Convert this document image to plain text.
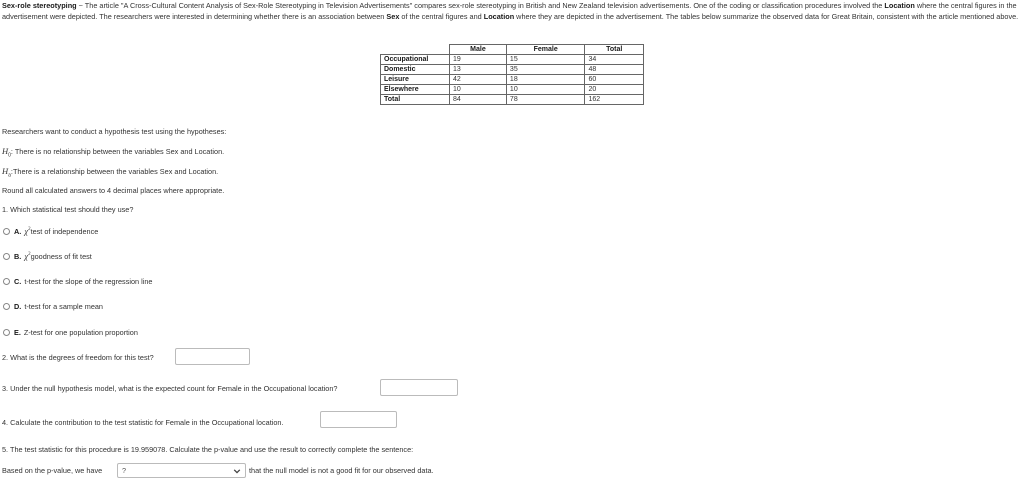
Sex-role stereotyping ~ The article "A Cross-Cultural Content Analysis of Sex-Role Stereotyping in Television Advertisements" compares sex-role stereotyping in British and New Zealand television advertisements. One of the coding or classification procedures involved the Location where the central figures in the advertisement were depicted. The researchers were interested in determining whether there is an association between Sex of the central figures and Location where they are depicted in the advertisement. The tables below summarize the observed data for Great Britain, consistent with the article mentioned above.
	Male	Female	Total
Occupational	19	15	34
Domestic	13	35	48
Leisure	42	18	60
Elsewhere	10	10	20
Total	84	78	162
Researchers want to conduct a hypothesis test using the hypotheses:
$H_0$: There is no relationship between the variables Sex and Location.
$H_a:There$ is a relationship between the variables Sex and Location.
Round all calculated answers to 4 decimal places where appropriate.
1. Which statistical test should they use?
A. $\chi^2$ test of independence
B. $\chi^2$ goodness of fit test
C. t-test for the slope of the regression line
D. t-test for a sample mean
E. Z-test for one population proportion
2. What is the degrees of freedom for this test?
3. Under the null hypothesis model, what is the expected count for Female in the Occupational location?
4. Calculate the contribution to the test statistic for Female in the Occupational location.
5. The test statistic for this procedure is 19.959078. Calculate the p-value and use the result to correctly complete the sentence:
Based on the p-value, we have	?	that the null model is not a good fit for our observed data.
